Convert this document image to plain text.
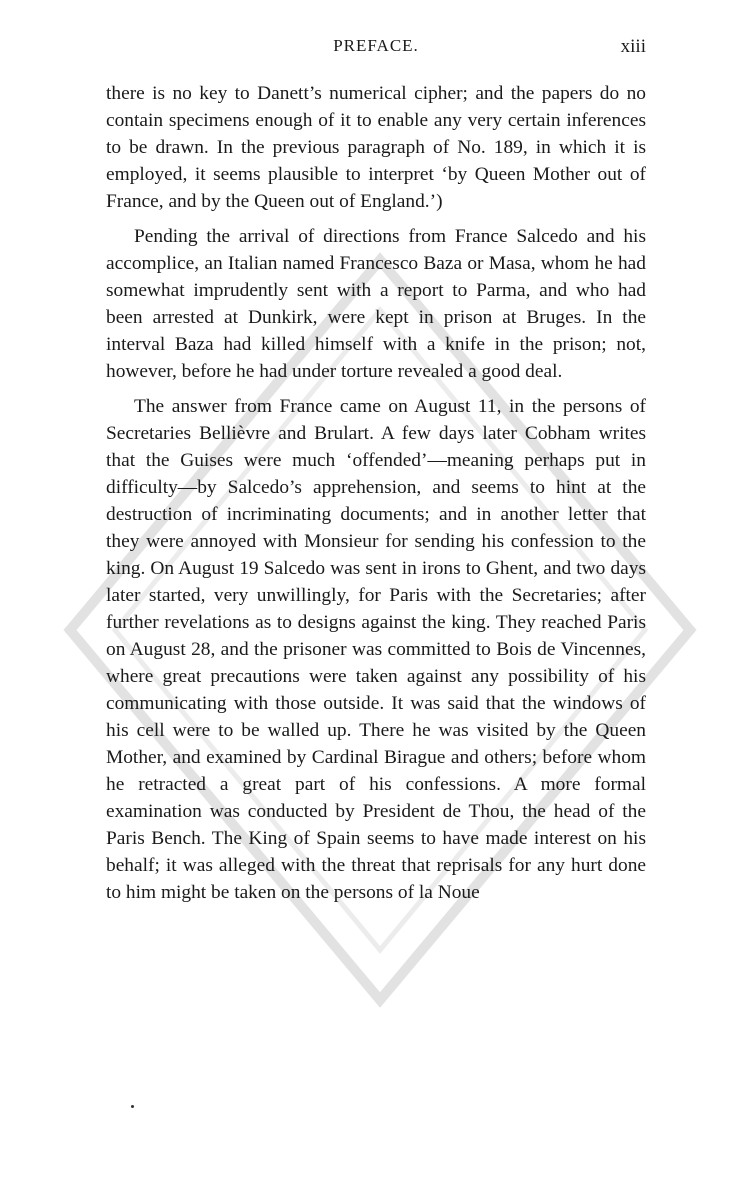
PREFACE.	xiii

there is no key to Danett’s numerical cipher; and the papers do no contain specimens enough of it to enable any very certain inferences to be drawn. In the previous paragraph of No. 189, in which it is employed, it seems plausible to interpret ‘by Queen Mother out of France, and by the Queen out of England.’)

Pending the arrival of directions from France Salcedo and his accomplice, an Italian named Francesco Baza or Masa, whom he had somewhat imprudently sent with a report to Parma, and who had been arrested at Dunkirk, were kept in prison at Bruges. In the interval Baza had killed himself with a knife in the prison; not, however, before he had under torture revealed a good deal.

The answer from France came on August 11, in the persons of Secretaries Bellièvre and Brulart. A few days later Cobham writes that the Guises were much ‘offended’—meaning perhaps put in difficulty—by Salcedo’s apprehension, and seems to hint at the destruction of incriminating documents; and in another letter that they were annoyed with Monsieur for sending his confession to the king. On August 19 Salcedo was sent in irons to Ghent, and two days later started, very unwillingly, for Paris with the Secretaries; after further revelations as to designs against the king. They reached Paris on August 28, and the prisoner was committed to Bois de Vincennes, where great precautions were taken against any possibility of his communicating with those outside. It was said that the windows of his cell were to be walled up. There he was visited by the Queen Mother, and examined by Cardinal Birague and others; before whom he retracted a great part of his confessions. A more formal examination was conducted by President de Thou, the head of the Paris Bench. The King of Spain seems to have made interest on his behalf; it was alleged with the threat that reprisals for any hurt done to him might be taken on the persons of la Noue
